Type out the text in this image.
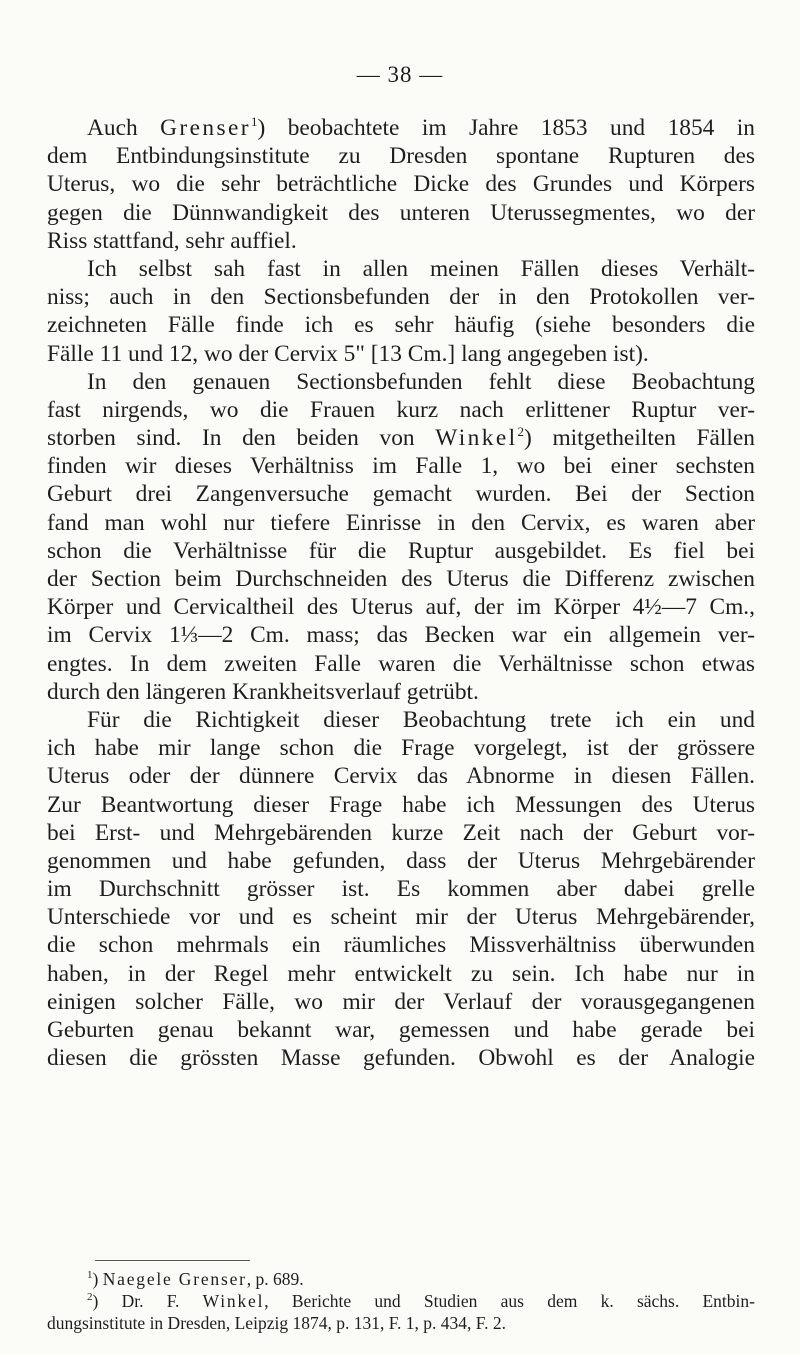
— 38 —
Auch Grenser$^1$) beobachtete im Jahre 1853 und 1854 in
dem Entbindungsinstitute zu Dresden spontane Rupturen des
Uterus, wo die sehr beträchtliche Dicke des Grundes und Körpers
gegen die Dünnwandigkeit des unteren Uterussegmentes, wo der
Riss stattfand, sehr auffiel.
Ich selbst sah fast in allen meinen Fällen dieses Verhält-
niss; auch in den Sectionsbefunden der in den Protokollen ver-
zeichneten Fälle finde ich es sehr häufig (siehe besonders die
Fälle 11 und 12, wo der Cervix 5" [13 Cm.] lang angegeben ist).
In den genauen Sectionsbefunden fehlt diese Beobachtung
fast nirgends, wo die Frauen kurz nach erlittener Ruptur ver-
storben sind. In den beiden von Winkel$^2$) mitgetheilten Fällen
finden wir dieses Verhältniss im Falle 1, wo bei einer sechsten
Geburt drei Zangenversuche gemacht wurden. Bei der Section
fand man wohl nur tiefere Einrisse in den Cervix, es waren aber
schon die Verhältnisse für die Ruptur ausgebildet. Es fiel bei
der Section beim Durchschneiden des Uterus die Differenz zwischen
Körper und Cervicaltheil des Uterus auf, der im Körper 4½—7 Cm.,
im Cervix 1⅓—2 Cm. mass; das Becken war ein allgemein ver-
engtes. In dem zweiten Falle waren die Verhältnisse schon etwas
durch den längeren Krankheitsverlauf getrübt.
Für die Richtigkeit dieser Beobachtung trete ich ein und
ich habe mir lange schon die Frage vorgelegt, ist der grössere
Uterus oder der dünnere Cervix das Abnorme in diesen Fällen.
Zur Beantwortung dieser Frage habe ich Messungen des Uterus
bei Erst- und Mehrgebärenden kurze Zeit nach der Geburt vor-
genommen und habe gefunden, dass der Uterus Mehrgebärender
im Durchschnitt grösser ist. Es kommen aber dabei grelle
Unterschiede vor und es scheint mir der Uterus Mehrgebärender,
die schon mehrmals ein räumliches Missverhältniss überwunden
haben, in der Regel mehr entwickelt zu sein. Ich habe nur in
einigen solcher Fälle, wo mir der Verlauf der vorausgegangenen
Geburten genau bekannt war, gemessen und habe gerade bei
diesen die grössten Masse gefunden. Obwohl es der Analogie
$^1$) Naegele Grenser, p. 689.
$^2$) Dr. F. Winkel, Berichte und Studien aus dem k. sächs. Entbin-
dungsinstitute in Dresden, Leipzig 1874, p. 131, F. 1, p. 434, F. 2.
